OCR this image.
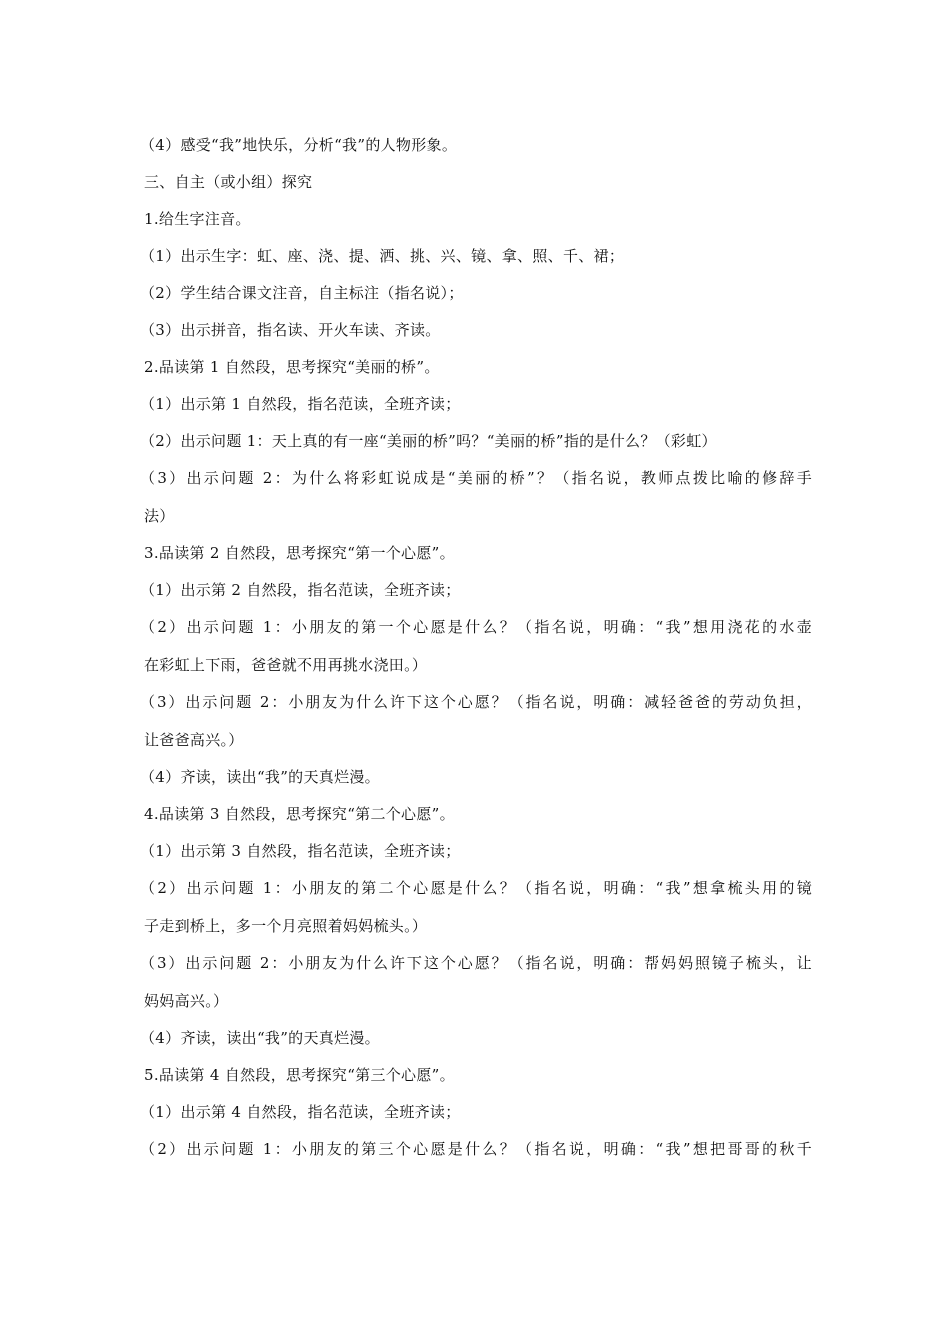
（4）感受“我”地快乐，分析“我”的人物形象。
三、自主（或小组）探究
1.给生字注音。
（1）出示生字：虹、座、浇、提、洒、挑、兴、镜、拿、照、千、裙；
（2）学生结合课文注音，自主标注（指名说）；
（3）出示拼音，指名读、开火车读、齐读。
2.品读第 1 自然段，思考探究“美丽的桥”。
（1）出示第 1 自然段，指名范读，全班齐读；
（2）出示问题 1：天上真的有一座“美丽的桥”吗？“美丽的桥”指的是什么？（彩虹）
（3）出示问题 2：为什么将彩虹说成是“美丽的桥”？（指名说，教师点拨比喻的修辞手
法）
3.品读第 2 自然段，思考探究“第一个心愿”。
（1）出示第 2 自然段，指名范读，全班齐读；
（2）出示问题 1：小朋友的第一个心愿是什么？（指名说，明确：“我”想用浇花的水壶
在彩虹上下雨，爸爸就不用再挑水浇田。）
（3）出示问题 2：小朋友为什么许下这个心愿？（指名说，明确：减轻爸爸的劳动负担，
让爸爸高兴。）
（4）齐读，读出“我”的天真烂漫。
4.品读第 3 自然段，思考探究“第二个心愿”。
（1）出示第 3 自然段，指名范读，全班齐读；
（2）出示问题 1：小朋友的第二个心愿是什么？（指名说，明确：“我”想拿梳头用的镜
子走到桥上，多一个月亮照着妈妈梳头。）
（3）出示问题 2：小朋友为什么许下这个心愿？（指名说，明确：帮妈妈照镜子梳头，让
妈妈高兴。）
（4）齐读，读出“我”的天真烂漫。
5.品读第 4 自然段，思考探究“第三个心愿”。
（1）出示第 4 自然段，指名范读，全班齐读；
（2）出示问题 1：小朋友的第三个心愿是什么？（指名说，明确：“我”想把哥哥的秋千
